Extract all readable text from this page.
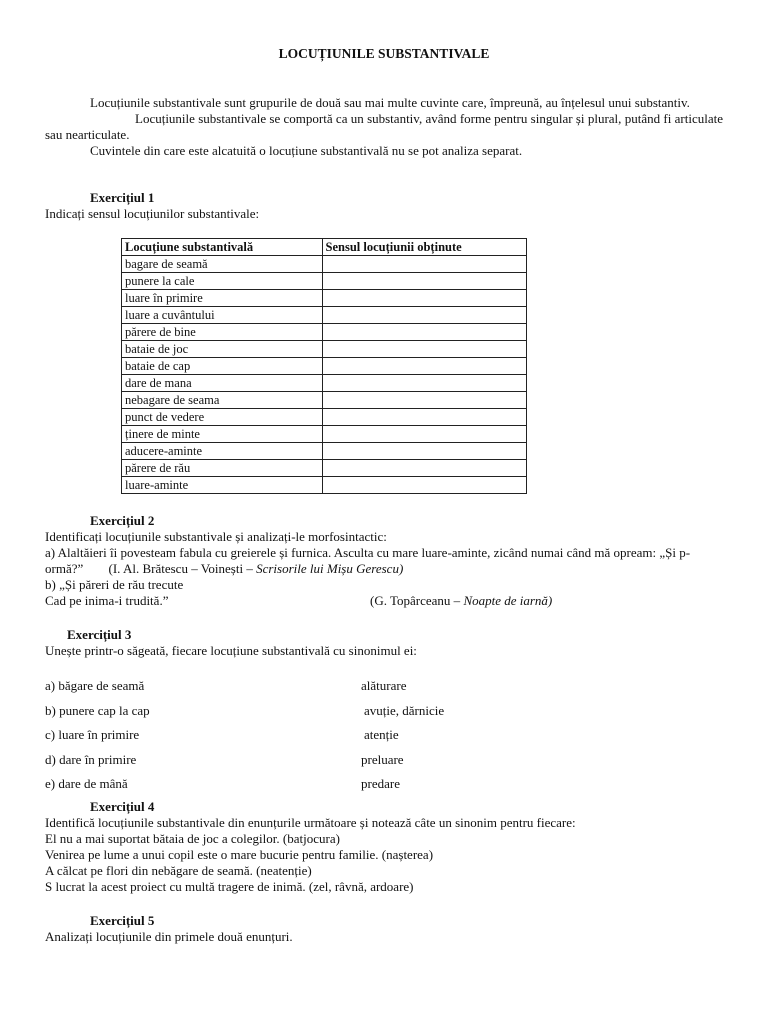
LOCUȚIUNILE SUBSTANTIVALE

Locuțiunile substantivale sunt grupurile de două sau mai multe cuvinte care, împreună, au înțelesul unui substantiv.

Locuțiunile substantivale se comportă ca un substantiv, având forme pentru singular și plural, putând fi articulate sau nearticulate.

Cuvintele din care este alcatuită o locuțiune substantivală nu se pot analiza separat.

Exercițiul 1

Indicați sensul locuțiunilor substantivale:

Locuțiune substantivală	Sensul locuțiunii obținute
bagare de seamă	
punere la cale	
luare în primire	
luare a cuvântului	
părere de bine	
bataie de joc	
bataie de cap	
dare de mana	
nebagare de seama	
punct de vedere	
ținere de minte	
aducere-aminte	
părere de rău	
luare-aminte	

Exercițiul 2

Identificați locuțiunile substantivale și analizați-le morfosintactic:

a) Alaltăieri îi povesteam fabula cu greierele și furnica. Asculta cu mare luare-aminte, zicând numai când mă opream: „Și p-ormă?” (I. Al. Brătescu – Voinești – Scrisorile lui Mișu Gerescu)

b) „Și păreri de rău trecute

Cad pe inima-i trudită.”	(G. Topârceanu – Noapte de iarnă)

Exercițiul 3

Unește printr-o săgeată, fiecare locuțiune substantivală cu sinonimul ei:

a) băgare de seamă	alăturare
b) punere cap la cap	avuție, dărnicie
c) luare în primire	atenție
d) dare în primire	preluare
e) dare de mână	predare

Exercițiul 4

Identifică locuțiunile substantivale din enunțurile următoare și notează câte un sinonim pentru fiecare:

El nu a mai suportat bătaia de joc a colegilor. (batjocura)

Venirea pe lume a unui copil este o mare bucurie pentru familie. (nașterea)

A călcat pe flori din nebăgare de seamă. (neatenție)

S lucrat la acest proiect cu multă tragere de inimă. (zel, râvnă, ardoare)

Exercițiul 5

Analizați locuțiunile din primele două enunțuri.
